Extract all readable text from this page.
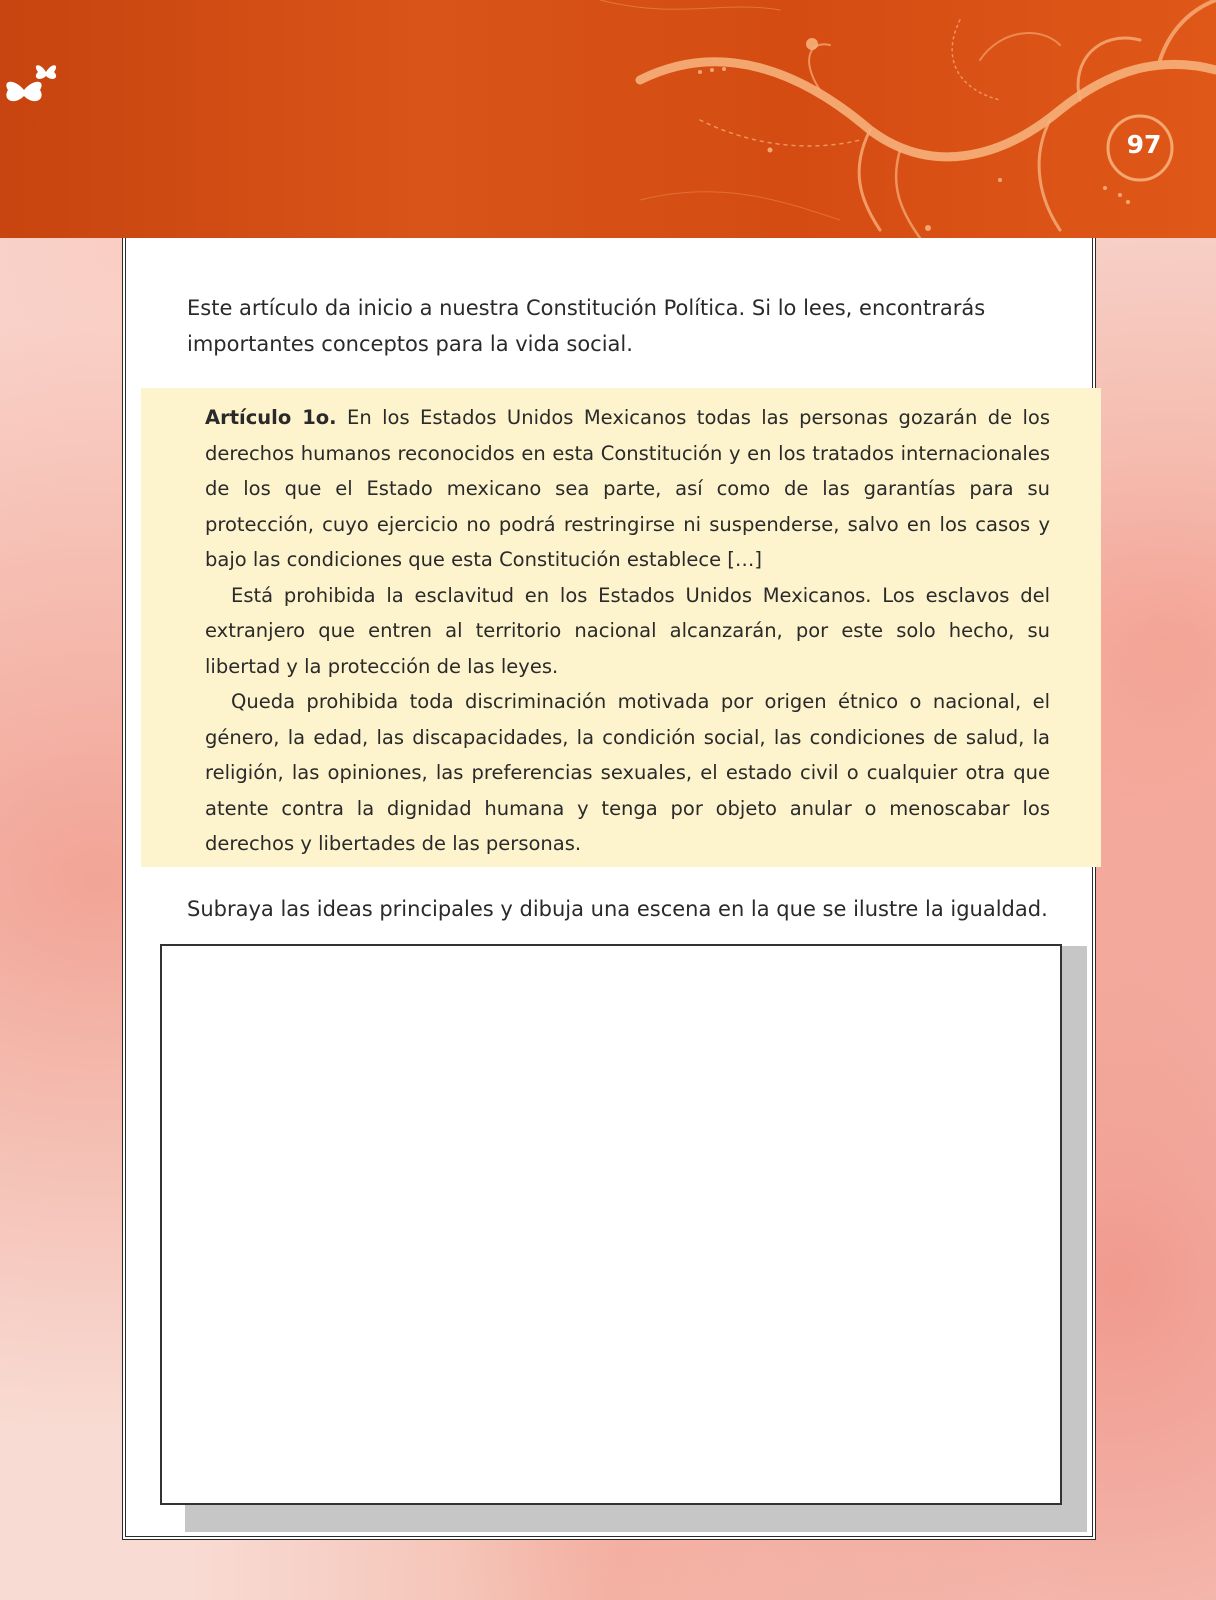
97

Este artículo da inicio a nuestra Constitución Política. Si lo lees, encontrarás importantes conceptos para la vida social.

Artículo 1o. En los Estados Unidos Mexicanos todas las personas gozarán de los derechos humanos reconocidos en esta Constitución y en los tratados internacionales de los que el Estado mexicano sea parte, así como de las garantías para su protección, cuyo ejercicio no podrá restringirse ni suspenderse, salvo en los casos y bajo las condiciones que esta Constitución establece […]

Está prohibida la esclavitud en los Estados Unidos Mexicanos. Los esclavos del extranjero que entren al territorio nacional alcanzarán, por este solo hecho, su libertad y la protección de las leyes.

Queda prohibida toda discriminación motivada por origen étnico o nacional, el género, la edad, las discapacidades, la condición social, las condiciones de salud, la religión, las opiniones, las preferencias sexuales, el estado civil o cualquier otra que atente contra la dignidad humana y tenga por objeto anular o menoscabar los derechos y libertades de las personas.

Subraya las ideas principales y dibuja una escena en la que se ilustre la igualdad.
